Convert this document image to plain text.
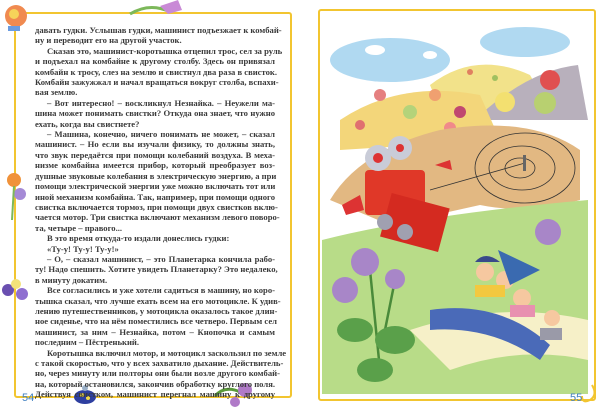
давать гудки. Услышав гудки, машинист подъезжает к комбай-
ну и переводит его на другой участок.
Сказав это, машинист-коротышка отцепил трос, сел за руль
и подъехал на комбайне к другому столбу. Здесь он привязал
комбайн к тросу, слез на землю и свистнул два раза в свисток.
Комбайн зажужжал и начал вращаться вокруг столба, вспахи-
вая землю.
– Вот интересно! – воскликнул Незнайка. – Неужели ма-
шина может понимать свистки? Откуда она знает, что нужно
ехать, когда вы свистнете?
– Машина, конечно, ничего понимать не может, – сказал
машинист. – Но если вы изучали физику, то должны знать,
что звук передаётся при помощи колебаний воздуха. В меха-
низме комбайна имеется прибор, который преобразует воз-
душные звуковые колебания в электрическую энергию, а при
помощи электрической энергии уже можно включать тот или
иной механизм комбайна. Так, например, при помощи одного
свистка включается тормоз, при помощи двух свистков вклю-
чается мотор. Три свистка включают механизм левого поворо-
та, четыре – правого...
В это время откуда-то издали донеслись гудки:
«Ту-у! Ту-у! Ту-у!»
– О, – сказал машинист, – это Планетарка кончила рабо-
ту! Надо спешить. Хотите увидеть Планетарку? Это недалеко,
в минуту докатим.
Все согласились и уже хотели садиться в машину, но коро-
тышка сказал, что лучше ехать всем на его мотоцикле. К удив-
лению путешественников, у мотоцикла оказалось такое длин-
ное сиденье, что на нём поместились все четверо. Первым сел
машинист, за ним – Незнайка, потом – Кнопочка и самым
последним – Пёстренький.
Коротышка включил мотор, и мотоцикл заскользил по земле
с такой скоростью, что у всех захватило дыхание. Действитель-
но, через минуту или полторы они были возле другого комбай-
на, который остановился, закончив обработку круглого поля.
Действуя свистком, машинист перегнал машину к другому
54	55
